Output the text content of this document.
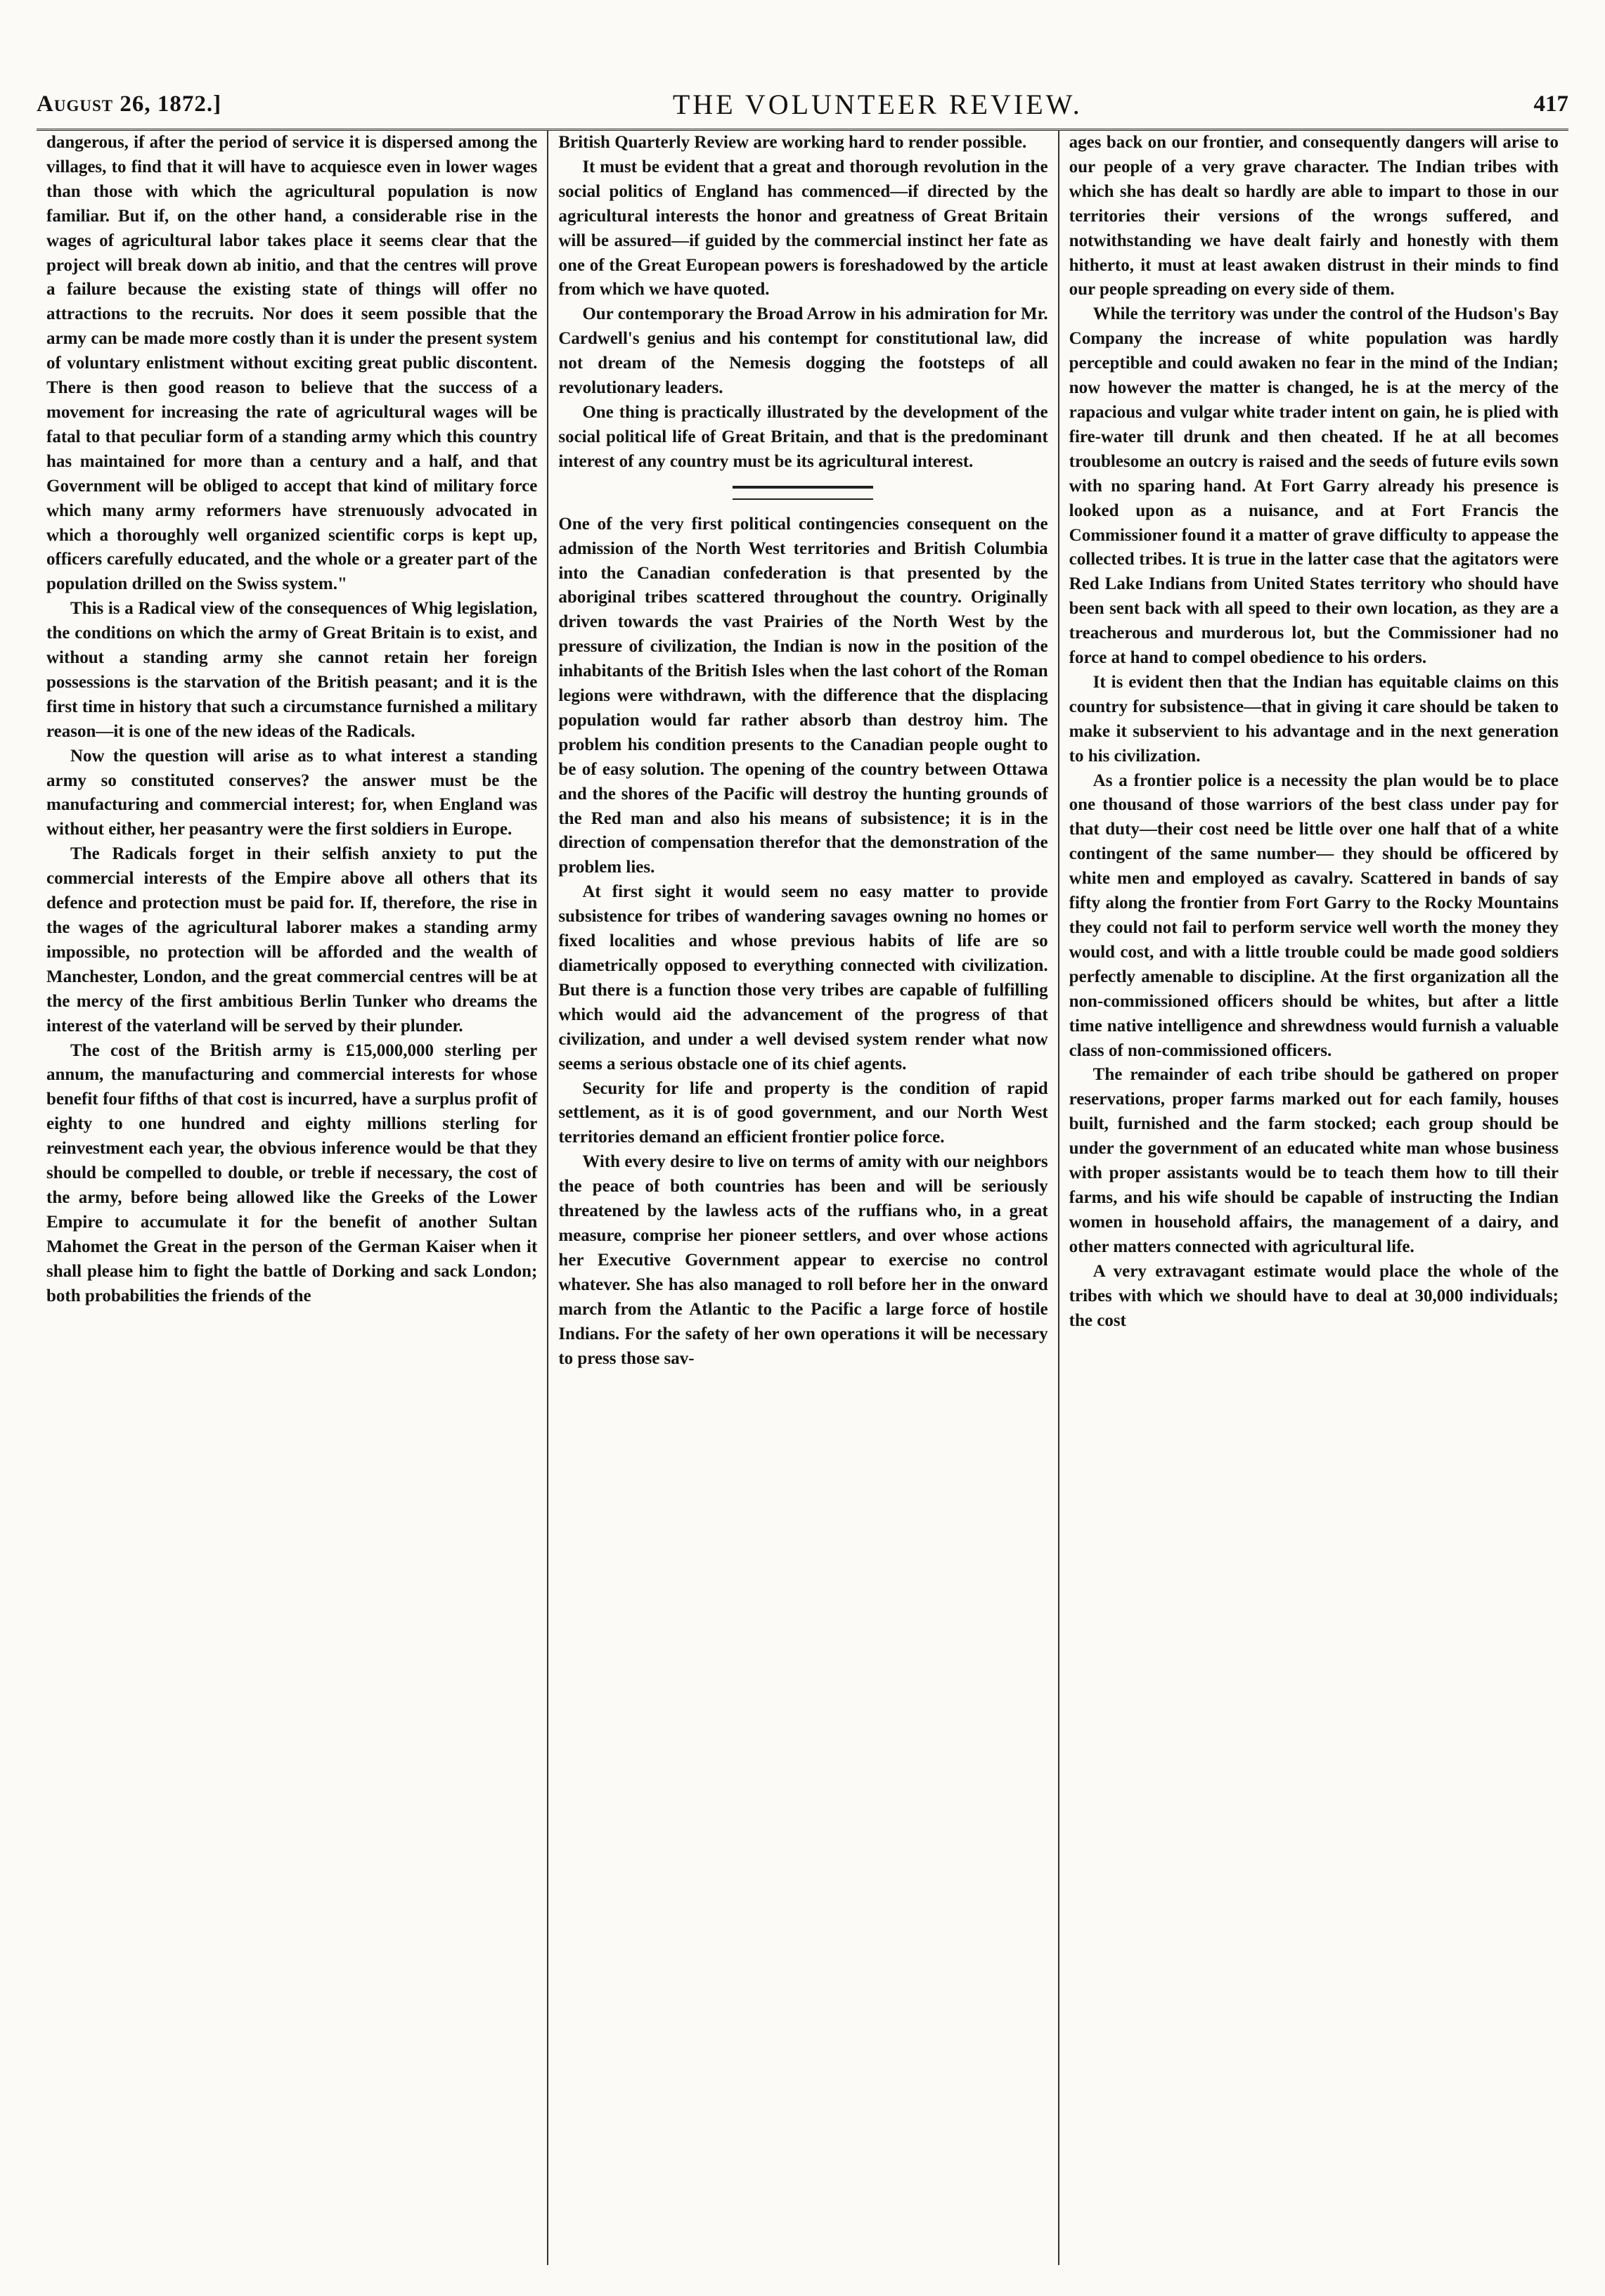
August 26, 1872.]	THE VOLUNTEER REVIEW.	417

dangerous, if after the period of service it is dispersed among the villages, to find that it will have to acquiesce even in lower wages than those with which the agricultural population is now familiar. But if, on the other hand, a considerable rise in the wages of agricultural labor takes place it seems clear that the project will break down ab initio, and that the centres will prove a failure because the existing state of things will offer no attractions to the recruits. Nor does it seem possible that the army can be made more costly than it is under the present system of voluntary enlistment without exciting great public discontent. There is then good reason to believe that the success of a movement for increasing the rate of agricultural wages will be fatal to that peculiar form of a standing army which this country has maintained for more than a century and a half, and that Government will be obliged to accept that kind of military force which many army reformers have strenuously advocated in which a thoroughly well organized scientific corps is kept up, officers carefully educated, and the whole or a greater part of the population drilled on the Swiss system."

This is a Radical view of the consequences of Whig legislation, the conditions on which the army of Great Britain is to exist, and without a standing army she cannot retain her foreign possessions is the starvation of the British peasant; and it is the first time in history that such a circumstance furnished a military reason—it is one of the new ideas of the Radicals.

Now the question will arise as to what interest a standing army so constituted conserves? the answer must be the manufacturing and commercial interest; for, when England was without either, her peasantry were the first soldiers in Europe.

The Radicals forget in their selfish anxiety to put the commercial interests of the Empire above all others that its defence and protection must be paid for. If, therefore, the rise in the wages of the agricultural laborer makes a standing army impossible, no protection will be afforded and the wealth of Manchester, London, and the great commercial centres will be at the mercy of the first ambitious Berlin Tunker who dreams the interest of the vaterland will be served by their plunder.

The cost of the British army is £15,000,000 sterling per annum, the manufacturing and commercial interests for whose benefit four fifths of that cost is incurred, have a surplus profit of eighty to one hundred and eighty millions sterling for reinvestment each year, the obvious inference would be that they should be compelled to double, or treble if necessary, the cost of the army, before being allowed like the Greeks of the Lower Empire to accumulate it for the benefit of another Sultan Mahomet the Great in the person of the German Kaiser when it shall please him to fight the battle of Dorking and sack London; both probabilities the friends of the

British Quarterly Review are working hard to render possible.

It must be evident that a great and thorough revolution in the social politics of England has commenced—if directed by the agricultural interests the honor and greatness of Great Britain will be assured—if guided by the commercial instinct her fate as one of the Great European powers is foreshadowed by the article from which we have quoted.

Our contemporary the Broad Arrow in his admiration for Mr. Cardwell's genius and his contempt for constitutional law, did not dream of the Nemesis dogging the footsteps of all revolutionary leaders.

One thing is practically illustrated by the development of the social political life of Great Britain, and that is the predominant interest of any country must be its agricultural interest.

One of the very first political contingencies consequent on the admission of the North West territories and British Columbia into the Canadian confederation is that presented by the aboriginal tribes scattered throughout the country. Originally driven towards the vast Prairies of the North West by the pressure of civilization, the Indian is now in the position of the inhabitants of the British Isles when the last cohort of the Roman legions were withdrawn, with the difference that the displacing population would far rather absorb than destroy him. The problem his condition presents to the Canadian people ought to be of easy solution. The opening of the country between Ottawa and the shores of the Pacific will destroy the hunting grounds of the Red man and also his means of subsistence; it is in the direction of compensation therefor that the demonstration of the problem lies.

At first sight it would seem no easy matter to provide subsistence for tribes of wandering savages owning no homes or fixed localities and whose previous habits of life are so diametrically opposed to everything connected with civilization. But there is a function those very tribes are capable of fulfilling which would aid the advancement of the progress of that civilization, and under a well devised system render what now seems a serious obstacle one of its chief agents.

Security for life and property is the condition of rapid settlement, as it is of good government, and our North West territories demand an efficient frontier police force.

With every desire to live on terms of amity with our neighbors the peace of both countries has been and will be seriously threatened by the lawless acts of the ruffians who, in a great measure, comprise her pioneer settlers, and over whose actions her Executive Government appear to exercise no control whatever. She has also managed to roll before her in the onward march from the Atlantic to the Pacific a large force of hostile Indians. For the safety of her own operations it will be necessary to press those sav-

ages back on our frontier, and consequently dangers will arise to our people of a very grave character. The Indian tribes with which she has dealt so hardly are able to impart to those in our territories their versions of the wrongs suffered, and notwithstanding we have dealt fairly and honestly with them hitherto, it must at least awaken distrust in their minds to find our people spreading on every side of them.

While the territory was under the control of the Hudson's Bay Company the increase of white population was hardly perceptible and could awaken no fear in the mind of the Indian; now however the matter is changed, he is at the mercy of the rapacious and vulgar white trader intent on gain, he is plied with fire-water till drunk and then cheated. If he at all becomes troublesome an outcry is raised and the seeds of future evils sown with no sparing hand. At Fort Garry already his presence is looked upon as a nuisance, and at Fort Francis the Commissioner found it a matter of grave difficulty to appease the collected tribes. It is true in the latter case that the agitators were Red Lake Indians from United States territory who should have been sent back with all speed to their own location, as they are a treacherous and murderous lot, but the Commissioner had no force at hand to compel obedience to his orders.

It is evident then that the Indian has equitable claims on this country for subsistence—that in giving it care should be taken to make it subservient to his advantage and in the next generation to his civilization.

As a frontier police is a necessity the plan would be to place one thousand of those warriors of the best class under pay for that duty—their cost need be little over one half that of a white contingent of the same number— they should be officered by white men and employed as cavalry. Scattered in bands of say fifty along the frontier from Fort Garry to the Rocky Mountains they could not fail to perform service well worth the money they would cost, and with a little trouble could be made good soldiers perfectly amenable to discipline. At the first organization all the non-commissioned officers should be whites, but after a little time native intelligence and shrewdness would furnish a valuable class of non-commissioned officers.

The remainder of each tribe should be gathered on proper reservations, proper farms marked out for each family, houses built, furnished and the farm stocked; each group should be under the government of an educated white man whose business with proper assistants would be to teach them how to till their farms, and his wife should be capable of instructing the Indian women in household affairs, the management of a dairy, and other matters connected with agricultural life.

A very extravagant estimate would place the whole of the tribes with which we should have to deal at 30,000 individuals; the cost
